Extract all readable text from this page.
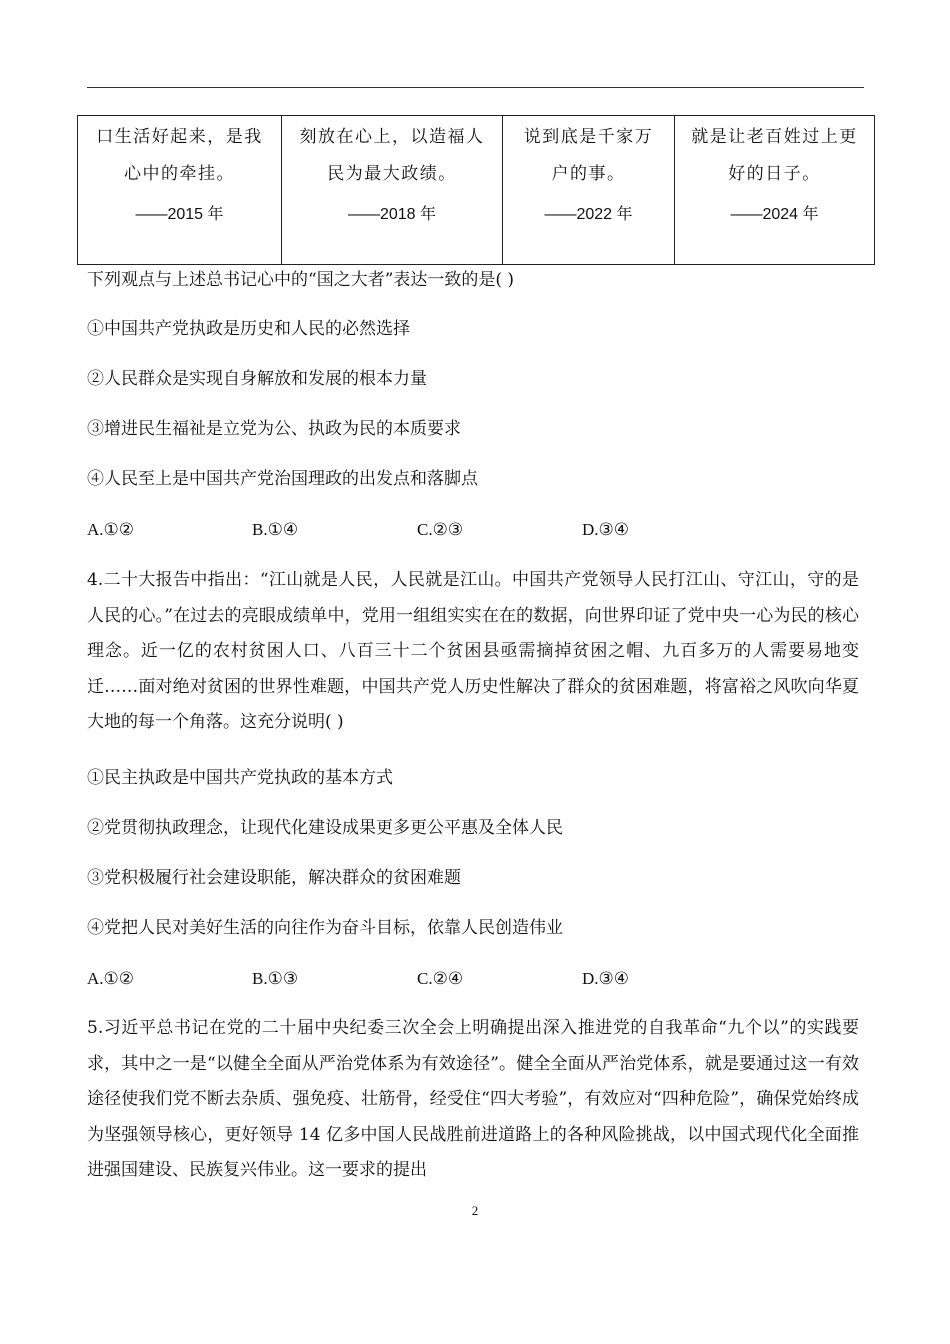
口生活好起来，是我
心中的牵挂。
——2015 年

刻放在心上，以造福人
民为最大政绩。
——2018 年

说到底是千家万
户的事。
——2022 年

就是让老百姓过上更
好的日子。
——2024 年
下列观点与上述总书记心中的“国之大者”表达一致的是( )
①中国共产党执政是历史和人民的必然选择
②人民群众是实现自身解放和发展的根本力量
③增进民生福祉是立党为公、执政为民的本质要求
④人民至上是中国共产党治国理政的出发点和落脚点
A.①②	B.①④	C.②③	D.③④
4.二十大报告中指出：“江山就是人民，人民就是江山。中国共产党领导人民打江山、守江山，守的是人民的心。”在过去的亮眼成绩单中，党用一组组实实在在的数据，向世界印证了党中央一心为民的核心理念。近一亿的农村贫困人口、八百三十二个贫困县亟需摘掉贫困之帽、九百多万的人需要易地变迁……面对绝对贫困的世界性难题，中国共产党人历史性解决了群众的贫困难题，将富裕之风吹向华夏大地的每一个角落。这充分说明( )
①民主执政是中国共产党执政的基本方式
②党贯彻执政理念，让现代化建设成果更多更公平惠及全体人民
③党积极履行社会建设职能，解决群众的贫困难题
④党把人民对美好生活的向往作为奋斗目标，依靠人民创造伟业
A.①②	B.①③	C.②④	D.③④
5.习近平总书记在党的二十届中央纪委三次全会上明确提出深入推进党的自我革命“九个以”的实践要求，其中之一是“以健全全面从严治党体系为有效途径”。健全全面从严治党体系，就是要通过这一有效途径使我们党不断去杂质、强免疫、壮筋骨，经受住“四大考验”，有效应对“四种危险”，确保党始终成为坚强领导核心，更好领导 14 亿多中国人民战胜前进道路上的各种风险挑战，以中国式现代化全面推进强国建设、民族复兴伟业。这一要求的提出
2
